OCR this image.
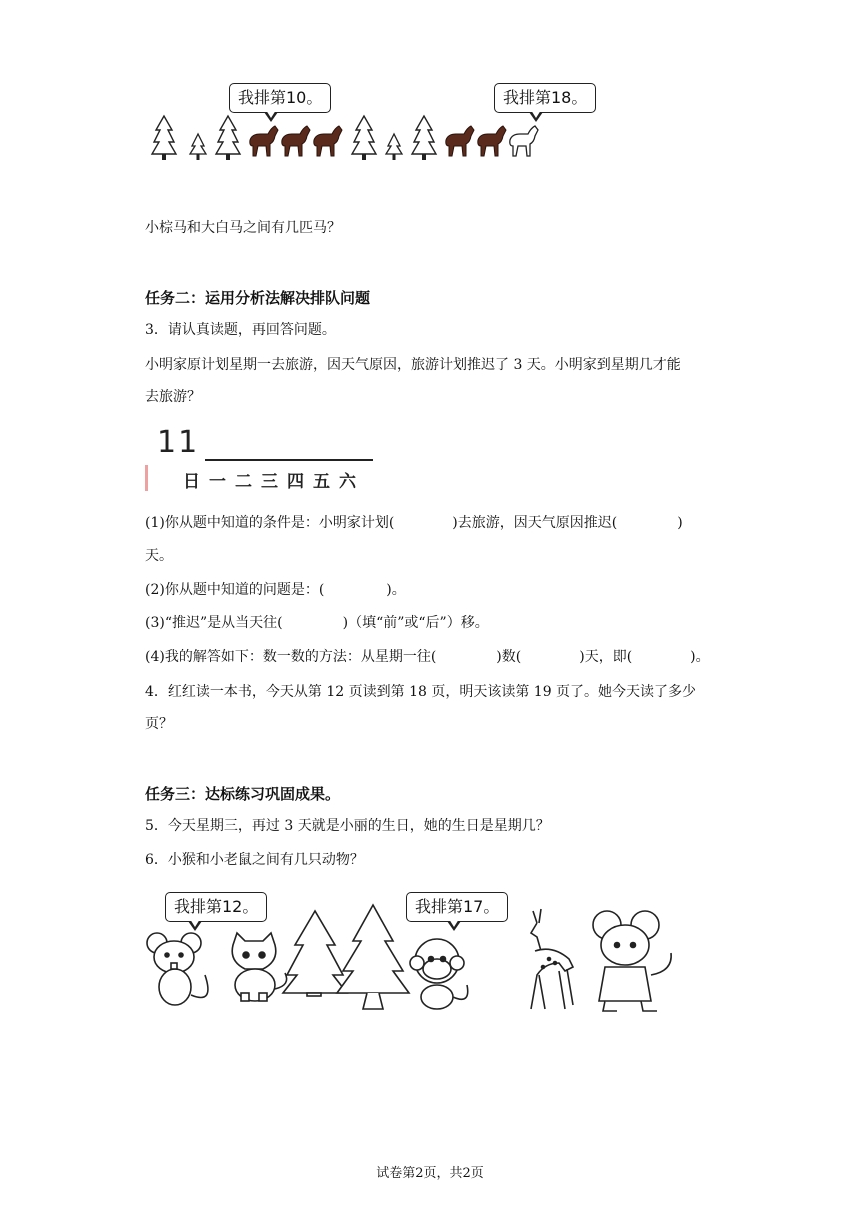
我排第10。	我排第18。
小棕马和大白马之间有几匹马？
任务二：运用分析法解决排队问题
3．请认真读题，再回答问题。
小明家原计划星期一去旅游，因天气原因，旅游计划推迟了 3 天。小明家到星期几才能
去旅游？
11
日 一 二 三 四 五 六
(1)你从题中知道的条件是：小明家计划(	)去旅游，因天气原因推迟(	)
天。
(2)你从题中知道的问题是：(	)。
(3)“推迟”是从当天往(	)（填“前”或“后”）移。
(4)我的解答如下：数一数的方法：从星期一往(	)数(	)天，即(	)。
4．红红读一本书，今天从第 12 页读到第 18 页，明天该读第 19 页了。她今天读了多少
页？
任务三：达标练习巩固成果。
5．今天星期三，再过 3 天就是小丽的生日，她的生日是星期几？
6．小猴和小老鼠之间有几只动物？
我排第12。	我排第17。
试卷第2页，共2页
